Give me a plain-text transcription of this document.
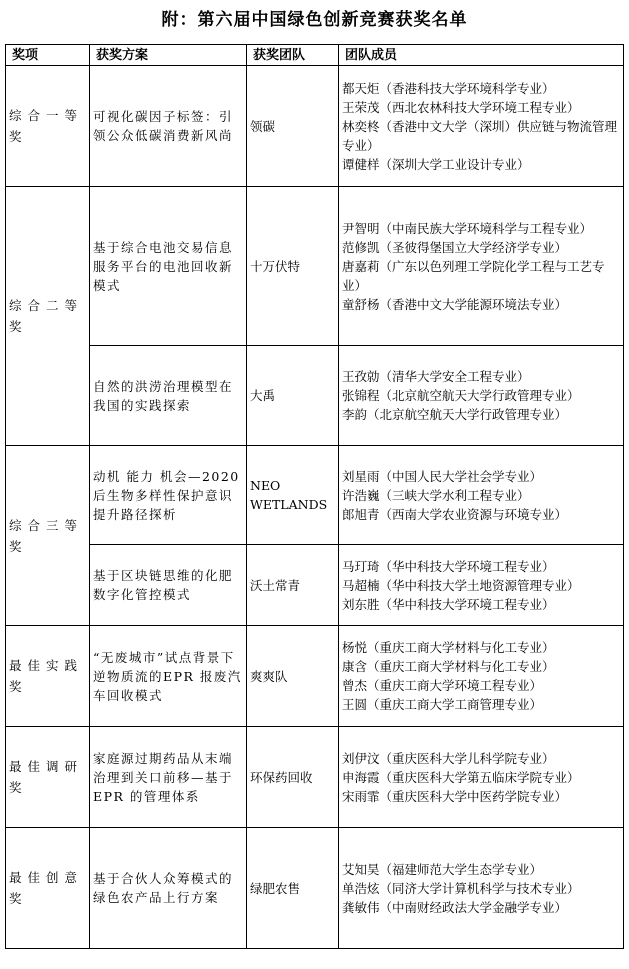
附：第六届中国绿色创新竞赛获奖名单
奖项	获奖方案	获奖团队	团队成员
综合一等奖	可视化碳因子标签：引领公众低碳消费新风尚	领碳	都天炬（香港科技大学环境科学专业）
王荣茂（西北农林科技大学环境工程专业）
林奕柊（香港中文大学（深圳）供应链与物流管理专业）
谭健样（深圳大学工业设计专业）

综合二等奖	基于综合电池交易信息服务平台的电池回收新模式	十万伏特	尹智明（中南民族大学环境科学与工程专业）
范修凯（圣彼得堡国立大学经济学专业）
唐嘉莉（广东以色列理工学院化学工程与工艺专业）
童舒杨（香港中文大学能源环境法专业）

	自然的洪涝治理模型在我国的实践探索	大禹	王孜勍（清华大学安全工程专业）
张锦程（北京航空航天大学行政管理专业）
李韵（北京航空航天大学行政管理专业）

综合三等奖	动机 能力 机会—2020 后生物多样性保护意识提升路径探析	NEO WETLANDS	刘星雨（中国人民大学社会学专业）
许浩巍（三峡大学水利工程专业）
郎旭青（西南大学农业资源与环境专业）

	基于区块链思维的化肥数字化管控模式	沃土常青	马玎琦（华中科技大学环境工程专业）
马超楠（华中科技大学土地资源管理专业）
刘东胜（华中科技大学环境工程专业）

最佳实践奖	“无废城市”试点背景下逆物质流的EPR 报废汽车回收模式	爽爽队	杨悦（重庆工商大学材料与化工专业）
康含（重庆工商大学材料与化工专业）
曾杰（重庆工商大学环境工程专业）
王圆（重庆工商大学工商管理专业）

最佳调研奖	家庭源过期药品从末端治理到关口前移—基于 EPR 的管理体系	环保药回收	刘伊汶（重庆医科大学儿科学院专业）
申海霞（重庆医科大学第五临床学院专业）
宋雨霏（重庆医科大学中医药学院专业）

最佳创意奖	基于合伙人众筹模式的绿色农产品上行方案	绿肥农售	艾知昊（福建师范大学生态学专业）
单浩炫（同济大学计算机科学与技术专业）
龚敏伟（中南财经政法大学金融学专业）
